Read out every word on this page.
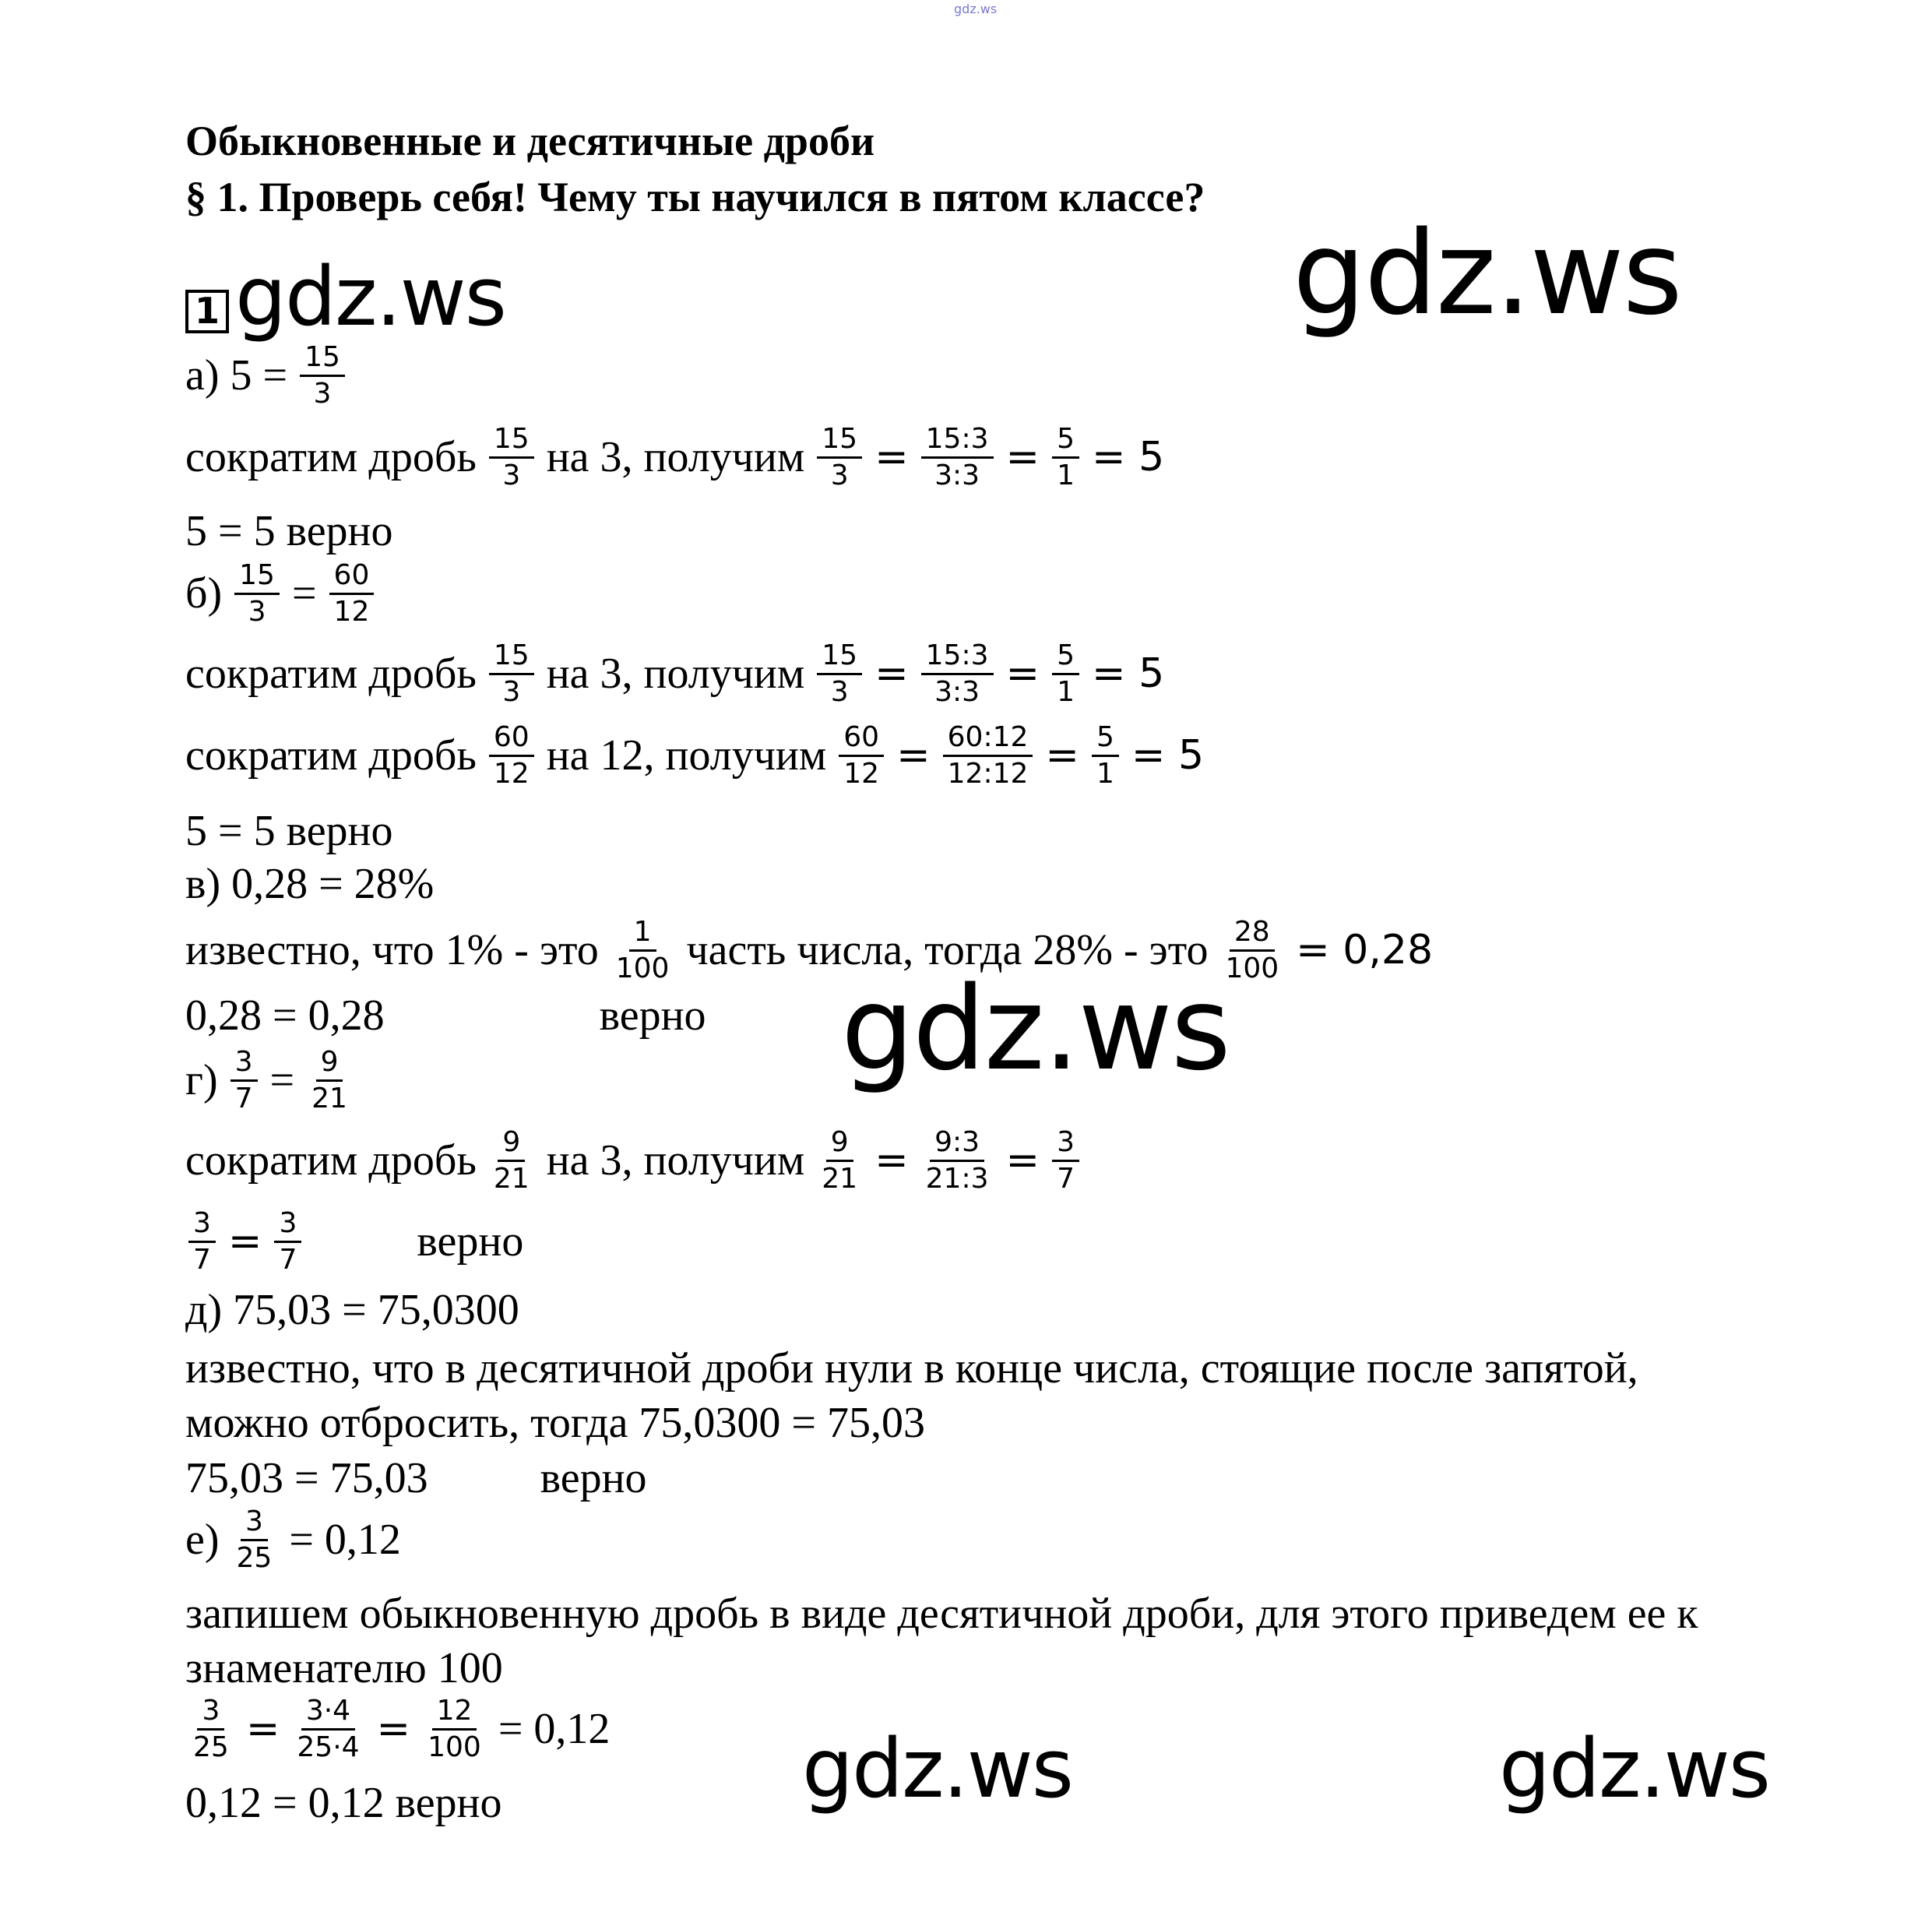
gdz.ws
Обыкновенные и десятичные дроби
§ 1. Проверь себя! Чему ты научился в пятом классе?
gdz.ws
gdz.ws
gdz.ws
gdz.ws	gdz.ws
1
а) $5 = \frac{15}{3}$
сократим дробь $\frac{15}{3}$ на 3, получим $\frac{15}{3} = \frac{15:3}{3:3} = \frac{5}{1} = 5$
5 = 5 верно
$б) \frac{15}{3} = \frac{60}{12}$
сократим дробь $\frac{15}{3}$ на 3, получим $\frac{15}{3} = \frac{15:3}{3:3} = \frac{5}{1} = 5$
сократим дробь $\frac{60}{12}$ на 12, получим $\frac{60}{12} = \frac{60:12}{12:12} = \frac{5}{1} = 5$
5 = 5 верно
в) 0,28 = 28%
известно, что 1% - это $\frac{1}{100}$ часть числа, тогда 28% - это $\frac{28}{100} = 0,28$
0,28 = 0,28	верно
$г) \frac{3}{7} = \frac{9}{21}$
сократим дробь $\frac{9}{21}$ на 3, получим $\frac{9}{21} = \frac{9:3}{21:3} = \frac{3}{7}$
$\frac{3}{7} = \frac{3}{7}$	верно
д) 75,03 = 75,0300
известно, что в десятичной дроби нули в конце числа, стоящие после запятой,
можно отбросить, тогда 75,0300 = 75,03
75,03 = 75,03	верно
$е) \frac{3}{25} = 0,12$
запишем обыкновенную дробь в виде десятичной дроби, для этого приведем ее к
знаменателю 100
$\frac{3}{25} = \frac{3\cdot 4}{25\cdot 4} = \frac{12}{100} = 0,12$
0,12 = 0,12 верно
